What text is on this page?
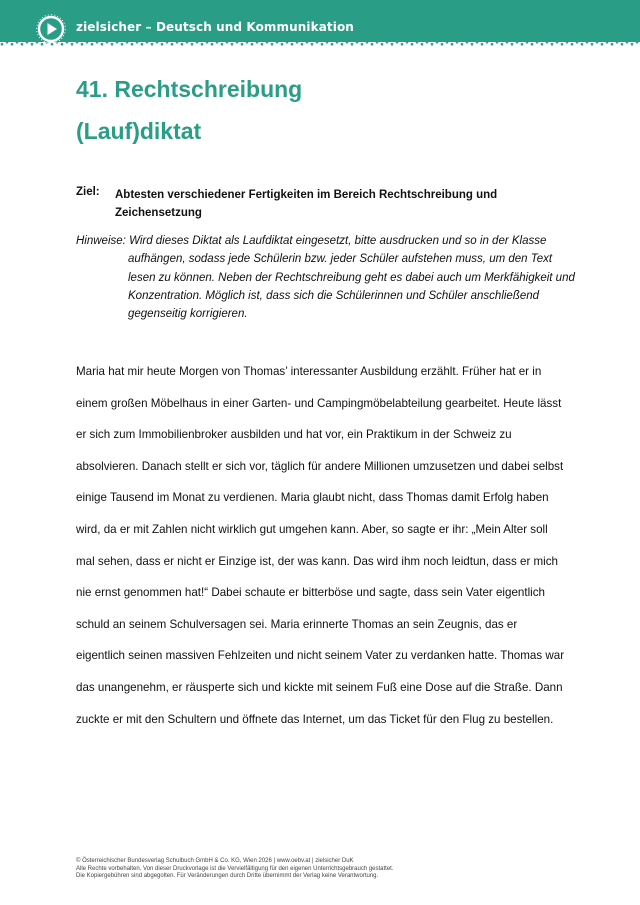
zielsicher – Deutsch und Kommunikation
41. Rechtschreibung
(Lauf)diktat
Ziel: Abtesten verschiedener Fertigkeiten im Bereich Rechtschreibung und Zeichensetzung
Hinweise: Wird dieses Diktat als Laufdiktat eingesetzt, bitte ausdrucken und so in der Klasse
aufhängen, sodass jede Schülerin bzw. jeder Schüler aufstehen muss, um den Text lesen zu können. Neben der Rechtschreibung geht es dabei auch um Merkfähigkeit und Konzentration. Möglich ist, dass sich die Schülerinnen und Schüler anschließend gegenseitig korrigieren.
Maria hat mir heute Morgen von Thomas’ interessanter Ausbildung erzählt. Früher hat er in einem großen Möbelhaus in einer Garten- und Campingmöbelabteilung gearbeitet. Heute lässt er sich zum Immobilienbroker ausbilden und hat vor, ein Praktikum in der Schweiz zu absolvieren. Danach stellt er sich vor, täglich für andere Millionen umzusetzen und dabei selbst einige Tausend im Monat zu verdienen. Maria glaubt nicht, dass Thomas damit Erfolg haben wird, da er mit Zahlen nicht wirklich gut umgehen kann. Aber, so sagte er ihr: „Mein Alter soll mal sehen, dass er nicht er Einzige ist, der was kann. Das wird ihm noch leidtun, dass er mich nie ernst genommen hat!“ Dabei schaute er bitterböse und sagte, dass sein Vater eigentlich schuld an seinem Schulversagen sei. Maria erinnerte Thomas an sein Zeugnis, das er eigentlich seinen massiven Fehlzeiten und nicht seinem Vater zu verdanken hatte. Thomas war das unangenehm, er räusperte sich und kickte mit seinem Fuß eine Dose auf die Straße. Dann zuckte er mit den Schultern und öffnete das Internet, um das Ticket für den Flug zu bestellen.
© Österreichischer Bundesverlag Schulbuch GmbH & Co. KG, Wien 2026 | www.oebv.at | zielsicher DuK
Alle Rechte vorbehalten. Von dieser Druckvorlage ist die Vervielfältigung für den eigenen Unterrichtsgebrauch gestattet.
Die Kopiergebühren sind abgegolten. Für Veränderungen durch Dritte übernimmt der Verlag keine Verantwortung.
